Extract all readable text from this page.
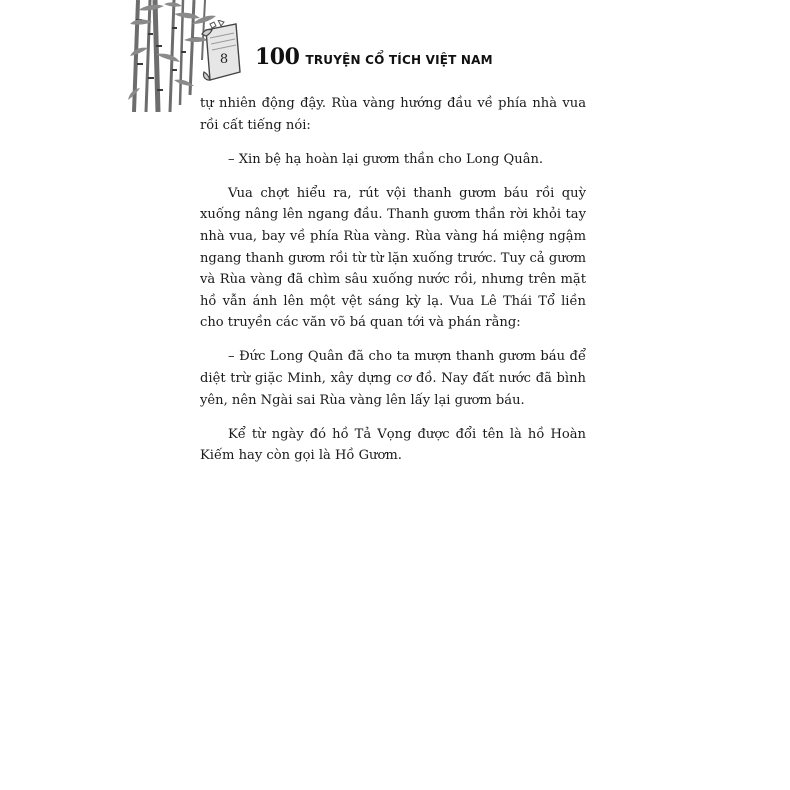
8 100 TRUYỆN CỔ TÍCH VIỆT NAM

tự nhiên động đậy. Rùa vàng hướng đầu về phía nhà vua rồi cất tiếng nói:

– Xin bệ hạ hoàn lại gươm thần cho Long Quân.

Vua chợt hiểu ra, rút vội thanh gươm báu rồi quỳ xuống nâng lên ngang đầu. Thanh gươm thần rời khỏi tay nhà vua, bay về phía Rùa vàng. Rùa vàng há miệng ngậm ngang thanh gươm rồi từ từ lặn xuống trước. Tuy cả gươm và Rùa vàng đã chìm sâu xuống nước rồi, nhưng trên mặt hồ vẫn ánh lên một vệt sáng kỳ lạ. Vua Lê Thái Tổ liền cho truyền các văn võ bá quan tới và phán rằng:

– Đức Long Quân đã cho ta mượn thanh gươm báu để diệt trừ giặc Minh, xây dựng cơ đồ. Nay đất nước đã bình yên, nên Ngài sai Rùa vàng lên lấy lại gươm báu.

Kể từ ngày đó hồ Tả Vọng được đổi tên là hồ Hoàn Kiếm hay còn gọi là Hồ Gươm.
